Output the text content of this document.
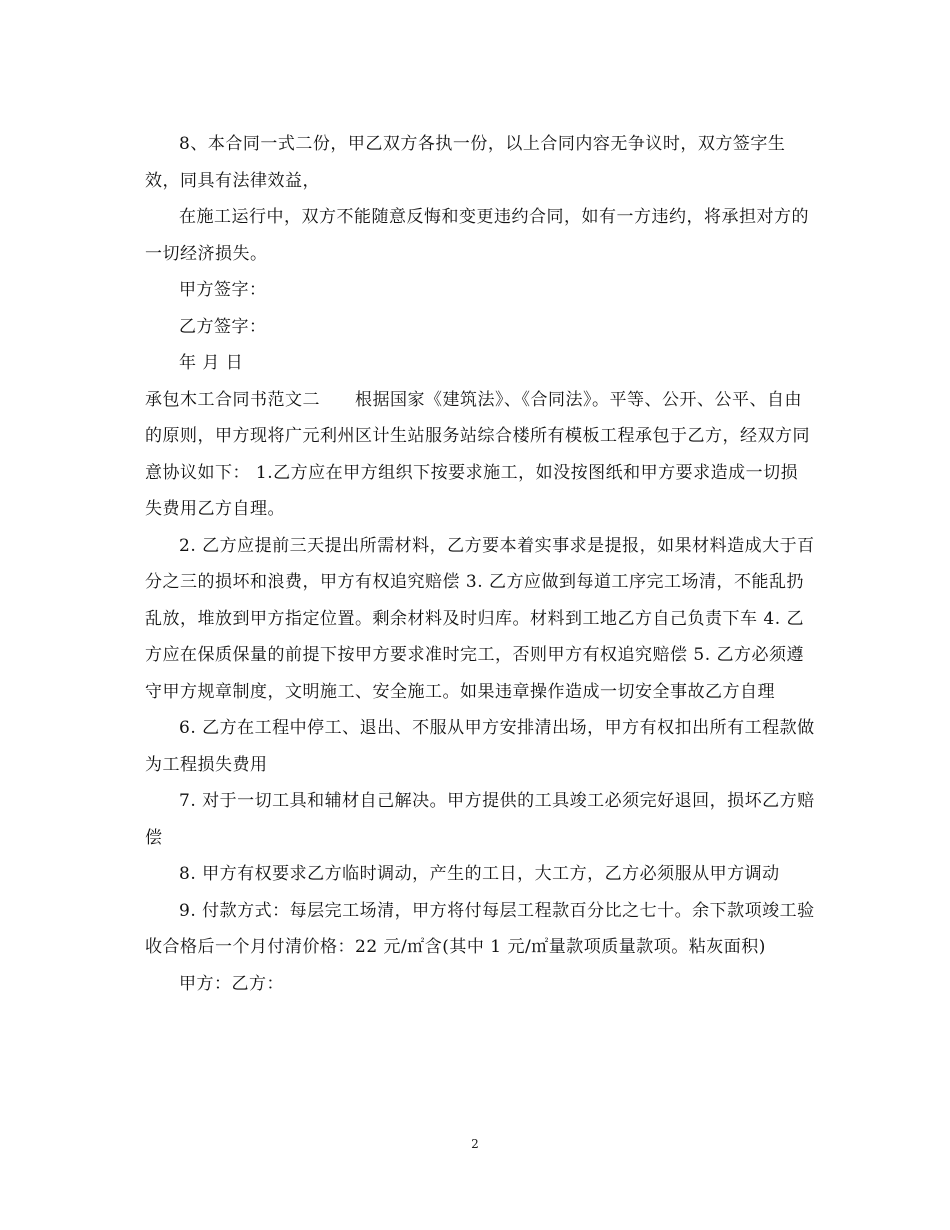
8、本合同一式二份，甲乙双方各执一份，以上合同内容无争议时，双方签字生效，同具有法律效益，

在施工运行中，双方不能随意反悔和变更违约合同，如有一方违约，将承担对方的一切经济损失。

甲方签字：

乙方签字：

年 月 日

承包木工合同书范文二　　根据国家《建筑法》、《合同法》。平等、公开、公平、自由的原则，甲方现将广元利州区计生站服务站综合楼所有模板工程承包于乙方，经双方同意协议如下： 1.乙方应在甲方组织下按要求施工，如没按图纸和甲方要求造成一切损失费用乙方自理。

2. 乙方应提前三天提出所需材料，乙方要本着实事求是提报，如果材料造成大于百分之三的损坏和浪费，甲方有权追究赔偿 3. 乙方应做到每道工序完工场清，不能乱扔乱放，堆放到甲方指定位置。剩余材料及时归库。材料到工地乙方自己负责下车 4. 乙方应在保质保量的前提下按甲方要求准时完工，否则甲方有权追究赔偿 5. 乙方必须遵守甲方规章制度，文明施工、安全施工。如果违章操作造成一切安全事故乙方自理

6. 乙方在工程中停工、退出、不服从甲方安排清出场，甲方有权扣出所有工程款做为工程损失费用

7. 对于一切工具和辅材自己解决。甲方提供的工具竣工必须完好退回，损坏乙方赔偿

8. 甲方有权要求乙方临时调动，产生的工日，大工方，乙方必须服从甲方调动

9. 付款方式：每层完工场清，甲方将付每层工程款百分比之七十。余下款项竣工验收合格后一个月付清价格：22 元/㎡含(其中 1 元/㎡量款项质量款项。粘灰面积)

甲方：乙方：

2
